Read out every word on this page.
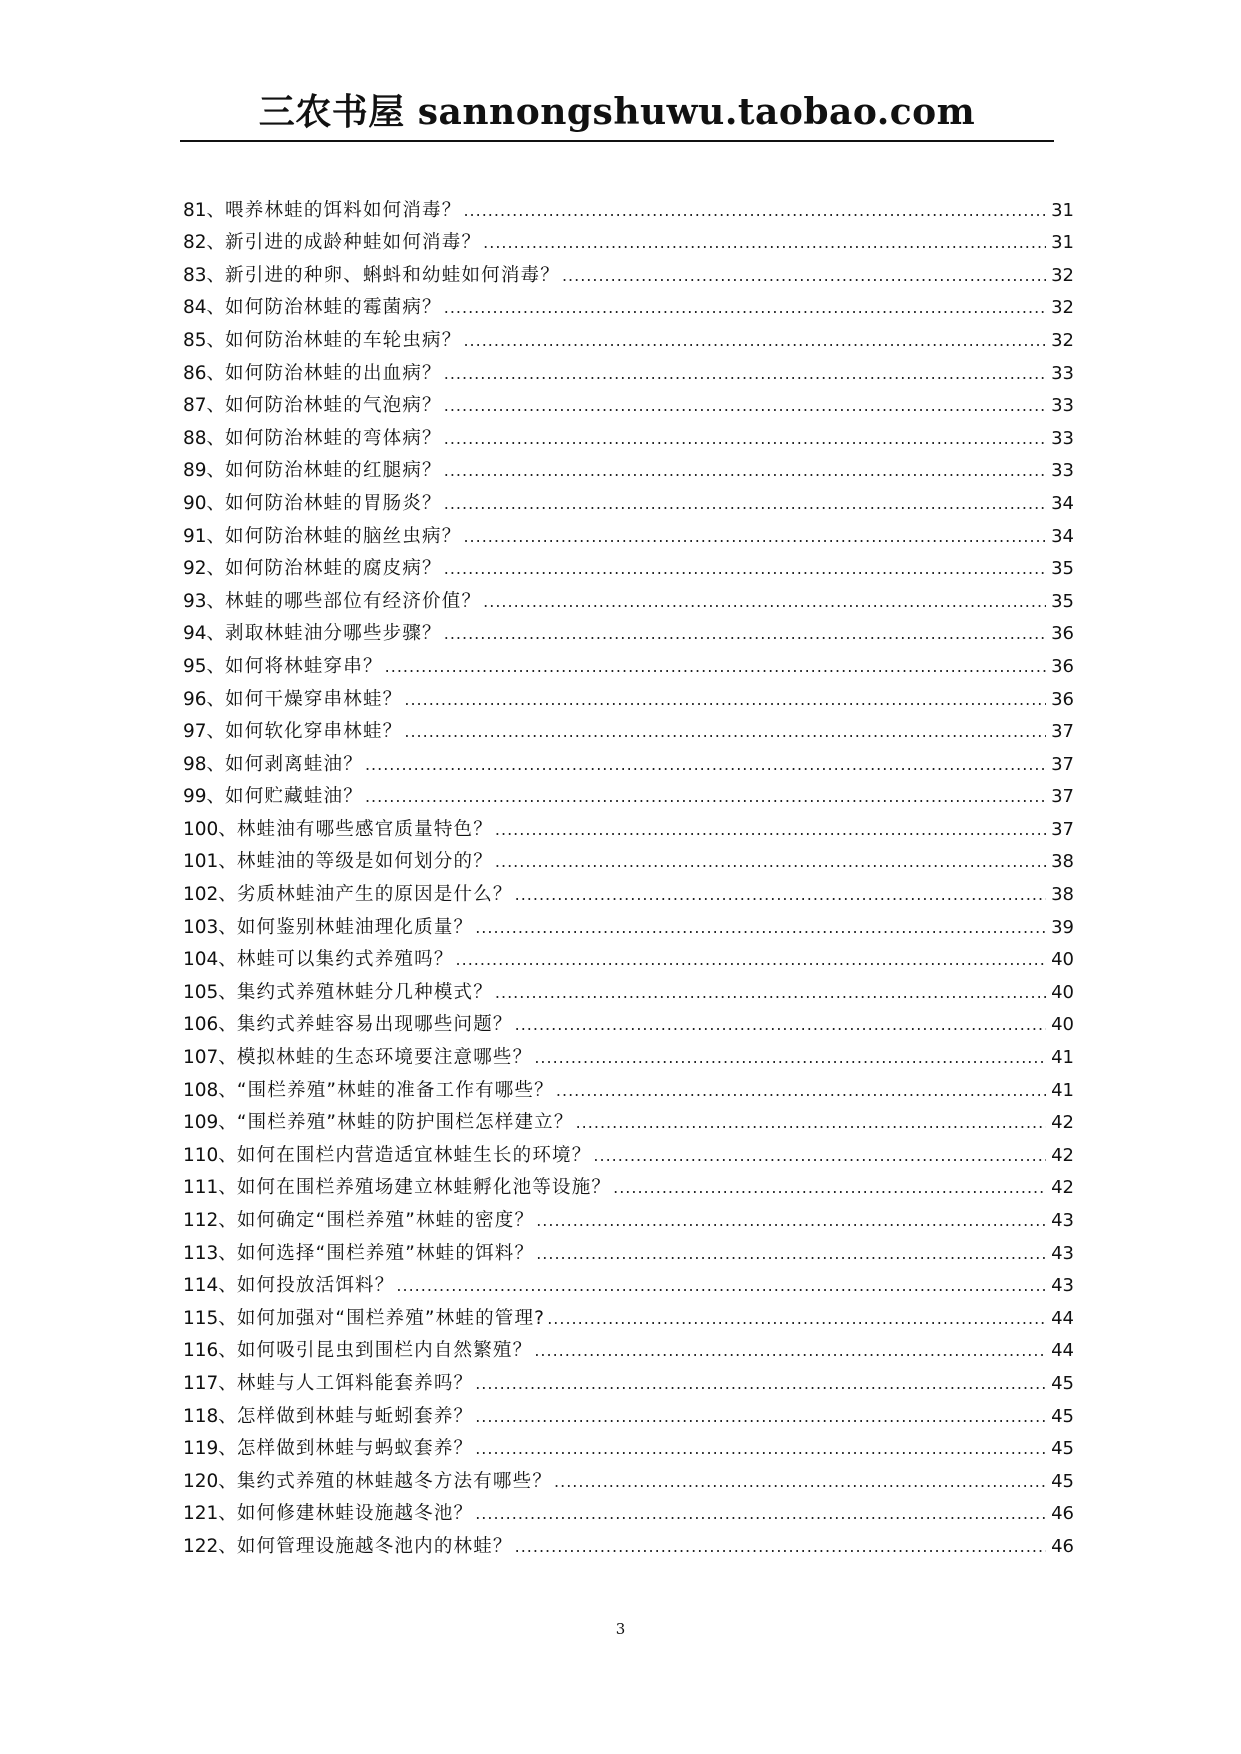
三农书屋 sannongshuwu.taobao.com
81、 喂养林蛙的饵料如何消毒？ .....	31
82、 新引进的成龄种蛙如何消毒？ .....	31
83、 新引进的种卵、蝌蚪和幼蛙如何消毒？ .....	32
84、 如何防治林蛙的霉菌病？ .....	32
85、 如何防治林蛙的车轮虫病？ .....	32
86、 如何防治林蛙的出血病？ .....	33
87、 如何防治林蛙的气泡病？ .....	33
88、 如何防治林蛙的弯体病？ .....	33
89、 如何防治林蛙的红腿病？ .....	33
90、 如何防治林蛙的胃肠炎？ .....	34
91、 如何防治林蛙的脑丝虫病？ .....	34
92、 如何防治林蛙的腐皮病？ .....	35
93、 林蛙的哪些部位有经济价值？ .....	35
94、 剥取林蛙油分哪些步骤？ .....	36
95、 如何将林蛙穿串？ .....	36
96、 如何干燥穿串林蛙？ .....	36
97、 如何软化穿串林蛙？ .....	37
98、 如何剥离蛙油？ .....	37
99、 如何贮藏蛙油？ .....	37
100、 林蛙油有哪些感官质量特色？ .....	37
101、 林蛙油的等级是如何划分的？ .....	38
102、 劣质林蛙油产生的原因是什么？ .....	38
103、 如何鉴别林蛙油理化质量？ .....	39
104、 林蛙可以集约式养殖吗？ .....	40
105、 集约式养殖林蛙分几种模式？ .....	40
106、 集约式养蛙容易出现哪些问题？ .....	40
107、 模拟林蛙的生态环境要注意哪些？ .....	41
108、 “围栏养殖”林蛙的准备工作有哪些？ .....	41
109、 “围栏养殖”林蛙的防护围栏怎样建立？ .....	42
110、 如何在围栏内营造适宜林蛙生长的环境？ .....	42
111、 如何在围栏养殖场建立林蛙孵化池等设施？ .....	42
112、 如何确定“围栏养殖”林蛙的密度？ .....	43
113、 如何选择“围栏养殖”林蛙的饵料？ .....	43
114、 如何投放活饵料？ .....	43
115、 如何加强对“围栏养殖”林蛙的管理? .....	44
116、 如何吸引昆虫到围栏内自然繁殖？ .....	44
117、 林蛙与人工饵料能套养吗？ .....	45
118、 怎样做到林蛙与蚯蚓套养？ .....	45
119、 怎样做到林蛙与蚂蚁套养？ .....	45
120、 集约式养殖的林蛙越冬方法有哪些？ .....	45
121、 如何修建林蛙设施越冬池？ .....	46
122、 如何管理设施越冬池内的林蛙？ .....	46
3
